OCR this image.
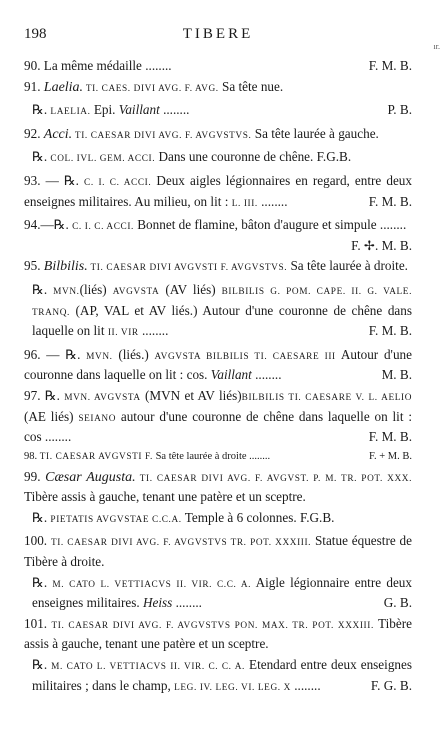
198	TIBERE
ır.
90. La même médaille ........	F. M. B.
91. Laelia. TI. CAES. DIVI AVG. F. AVG. Sa tête nue.
℞. LAELIA. Epi. Vaillant ........	P. B.
92. Acci. TI. CAESAR DIVI AVG. F. AVGVSTVS. Sa tête laurée à gauche.
℞. COL. IVL. GEM. ACCI. Dans une couronne de chêne. F.G.B.
93. — ℞. C. I. C. ACCI. Deux aigles légionnaires en regard, entre deux enseignes militaires. Au milieu, on lit : L. III. ........	F. M. B.
94.—℞. C. I. C. ACCI. Bonnet de flamine, bâton d'augure et simpule ........
F. ✢. M. B.
95. Bilbilis. TI. CAESAR DIVI AVGVSTI F. AVGVSTVS. Sa tête laurée à droite.
℞. MVN.(liés) AVGVSTA (AV liés) BILBILIS G. POM. CAPE. II. G. VALE. TRANQ. (AP, VAL et AV liés.) Autour d'une couronne de chêne dans laquelle on lit II. VIR ........	F. M. B.
96. — ℞. MVN. (liés.) AVGVSTA BILBILIS TI. CAESARE III Autour d'une couronne dans laquelle on lit : cos. Vaillant ........	M. B.
97. ℞. MVN. AVGVSTA (MVN et AV liés)BILBILIS TI. CAESARE V. L. AELIO (AE liés) SEIANO autour d'une couronne de chêne dans laquelle on lit : cos ........	F. M. B.
98. TI. CAESAR AVGVSTI F. Sa tête laurée à droite ........	F. + M. B.
99. Cæsar Augusta. TI. CAESAR DIVI AVG. F. AVGVST. P. M. TR. POT. XXX. Tibère assis à gauche, tenant une patère et un sceptre.
℞. PIETATIS AVGVSTAE C.C.A. Temple à 6 colonnes. F.G.B.
100. TI. CAESAR DIVI AVG. F. AVGVSTVS TR. POT. XXXIII. Statue équestre de Tibère à droite.
℞. M. CATO L. VETTIACVS II. VIR. C.C. A. Aigle légionnaire entre deux enseignes militaires. Heiss ........	G. B.
101. TI. CAESAR DIVI AVG. F. AVGVSTVS PON. MAX. TR. POT. XXXIII. Tibère assis à gauche, tenant une patère et un sceptre.
℞. M. CATO L. VETTIACVS II. VIR. C. C. A. Etendard entre deux enseignes militaires ; dans le champ, LEG. IV. LEG. VI. LEG. X ........	F. G. B.
